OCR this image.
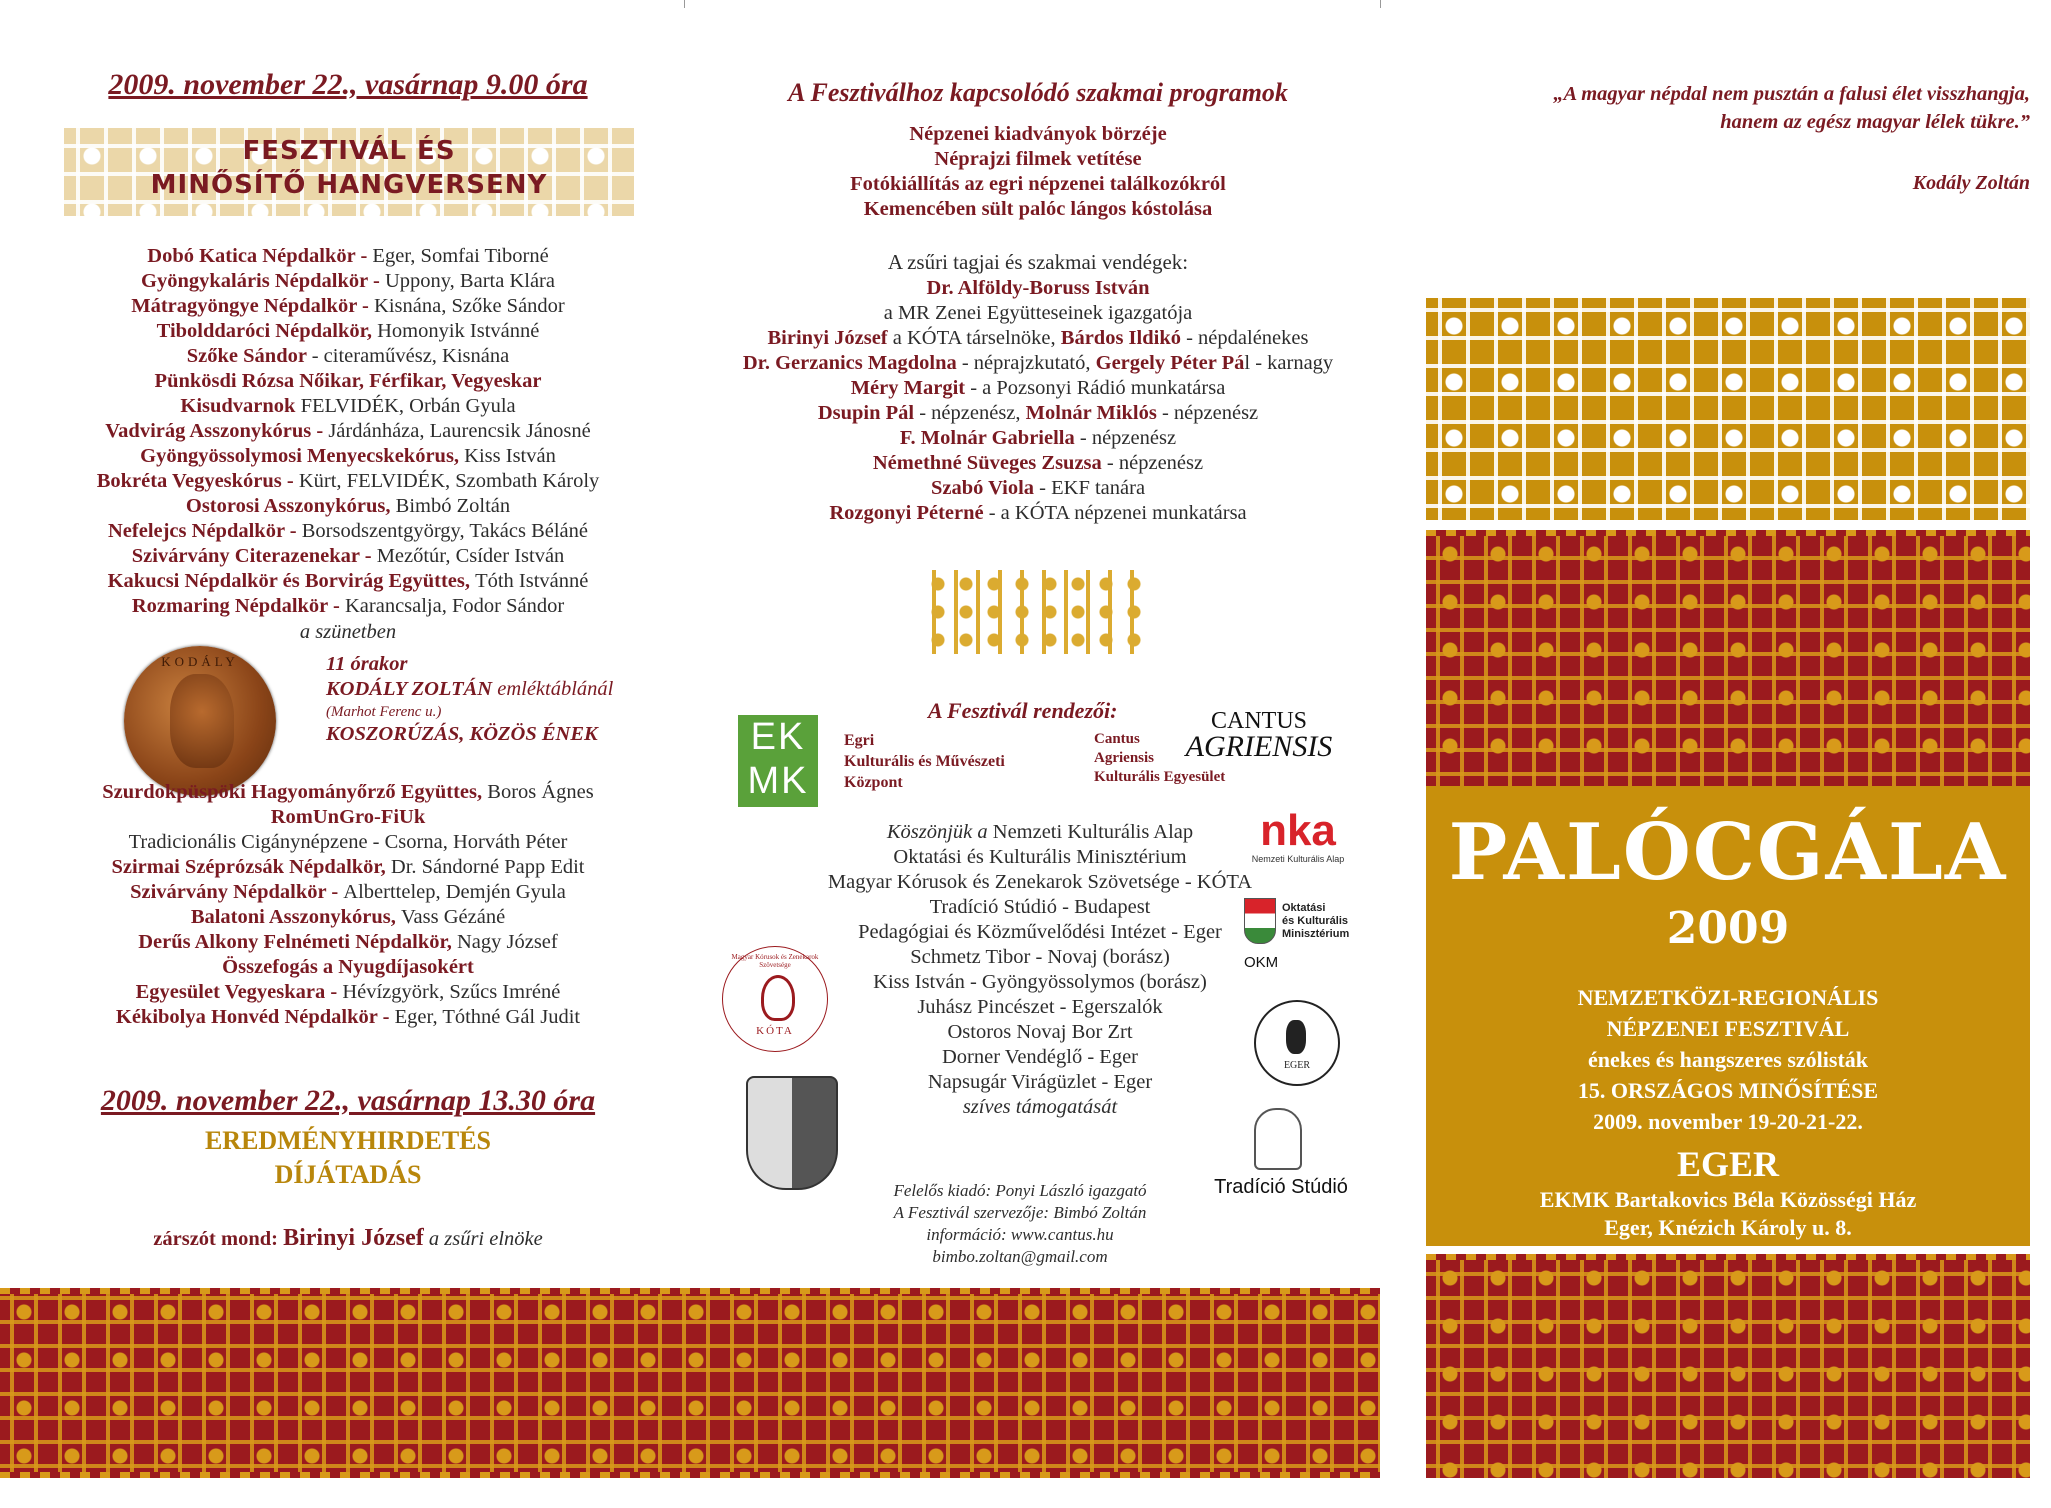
2009. november 22., vasárnap 9.00 óra
FESZTIVÁL ÉS
MINŐSÍTŐ HANGVERSENY
Dobó Katica Népdalkör - Eger, Somfai Tiborné
Gyöngykaláris Népdalkör - Uppony, Barta Klára
Mátragyöngye Népdalkör - Kisnána, Szőke Sándor
Tibolddaróci Népdalkör, Homonyik Istvánné
Szőke Sándor - citeraművész, Kisnána
Pünkösdi Rózsa Nőikar, Férfikar, Vegyeskar
Kisudvarnok FELVIDÉK, Orbán Gyula
Vadvirág Asszonykórus - Járdánháza, Laurencsik Jánosné
Gyöngyössolymosi Menyecskekórus, Kiss István
Bokréta Vegyeskórus - Kürt, FELVIDÉK, Szombath Károly
Ostorosi Asszonykórus, Bimbó Zoltán
Nefelejcs Népdalkör - Borsodszentgyörgy, Takács Béláné
Szivárvány Citerazenekar - Mezőtúr, Csíder István
Kakucsi Népdalkör és Borvirág Együttes, Tóth Istvánné
Rozmaring Népdalkör - Karancsalja, Fodor Sándor
a szünetben
KODÁLY	11 órakor
KODÁLY ZOLTÁN emléktáblánál
(Marhot Ferenc u.)
KOSZORÚZÁS, KÖZÖS ÉNEK
Szurdokpüspöki Hagyományőrző Együttes, Boros Ágnes
RomUnGro-FiUk
Tradicionális Cigánynépzene - Csorna, Horváth Péter
Szirmai Széprózsák Népdalkör, Dr. Sándorné Papp Edit
Szivárvány Népdalkör - Alberttelep, Demjén Gyula
Balatoni Asszonykórus, Vass Gézáné
Derűs Alkony Felnémeti Népdalkör, Nagy József
Összefogás a Nyugdíjasokért
Egyesület Vegyeskara - Hévízgyörk, Szűcs Imréné
Kékibolya Honvéd Népdalkör - Eger, Tóthné Gál Judit
2009. november 22., vasárnap 13.30 óra
EREDMÉNYHIRDETÉS
DÍJÁTADÁS
zárszót mond: Birinyi József a zsűri elnöke
A Fesztiválhoz kapcsolódó szakmai programok
Népzenei kiadványok börzéje
Néprajzi filmek vetítése
Fotókiállítás az egri népzenei találkozókról
Kemencében sült palóc lángos kóstolása
A zsűri tagjai és szakmai vendégek:
Dr. Alföldy-Boruss István
a MR Zenei Együtteseinek igazgatója
Birinyi József a KÓTA társelnöke, Bárdos Ildikó - népdalénekes
Dr. Gerzanics Magdolna - néprajzkutató, Gergely Péter Pál - karnagy
Méry Margit - a Pozsonyi Rádió munkatársa
Dsupin Pál - népzenész, Molnár Miklós - népzenész
F. Molnár Gabriella - népzenész
Némethné Süveges Zsuzsa - népzenész
Szabó Viola - EKF tanára
Rozgonyi Péterné - a KÓTA népzenei munkatársa
A Fesztivál rendezői:
EK
MK
Egri
Kulturális és Művészeti
Központ
Cantus
Agriensis
Kulturális Egyesület
CANTUS
AGRIENSIS
Köszönjük a Nemzeti Kulturális Alap
Oktatási és Kulturális Minisztérium
Magyar Kórusok és Zenekarok Szövetsége - KÓTA
Tradíció Stúdió - Budapest
Pedagógiai és Közművelődési Intézet - Eger
Schmetz Tibor - Novaj (borász)
Kiss István - Gyöngyössolymos (borász)
Juhász Pincészet - Egerszalók
Ostoros Novaj Bor Zrt
Dorner Vendéglő - Eger
Napsugár Virágüzlet - Eger
szíves támogatását
nka
Nemzeti Kulturális Alap
Oktatási
és Kulturális
Minisztérium
OKM
Magyar Kórusok és Zenekarok Szövetsége
KÓTA
EGER
Tradíció Stúdió
Felelős kiadó: Ponyi László igazgató
A Fesztivál szervezője: Bimbó Zoltán
információ: www.cantus.hu
bimbo.zoltan@gmail.com
„A magyar népdal nem pusztán a falusi élet visszhangja,
hanem az egész magyar lélek tükre.”
Kodály Zoltán
PALÓCGÁLA
2009
NEMZETKÖZI-REGIONÁLIS
NÉPZENEI FESZTIVÁL
énekes és hangszeres szólisták
15. ORSZÁGOS MINŐSÍTÉSE
2009. november 19-20-21-22.
EGER
EKMK Bartakovics Béla Közösségi Ház
Eger, Knézich Károly u. 8.
